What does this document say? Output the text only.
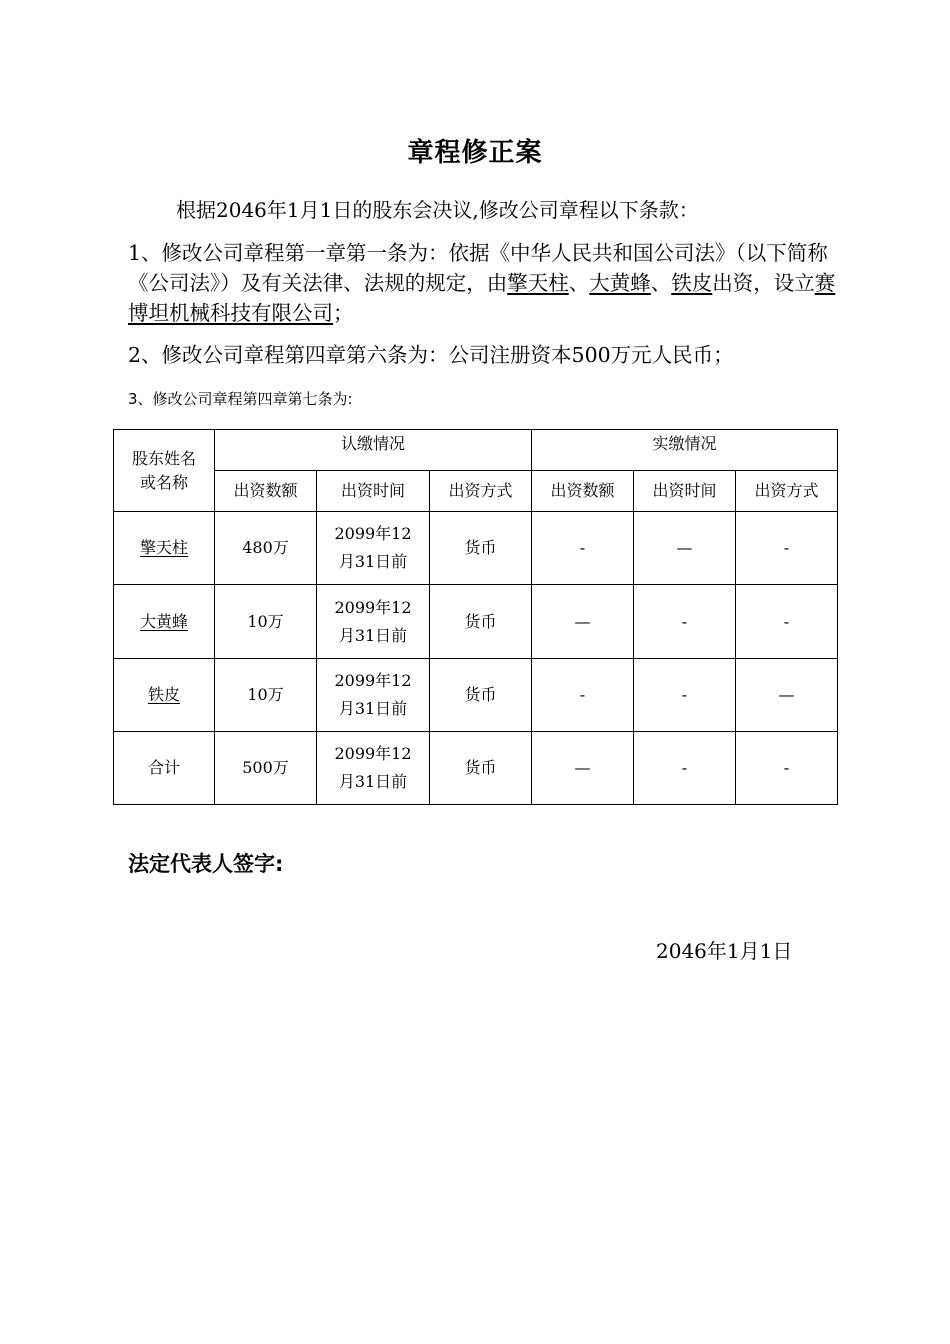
章程修正案
根据2046年1月1日的股东会决议,修改公司章程以下条款：
1、修改公司章程第一章第一条为：依据《中华人民共和国公司法》（以下简称《公司法》）及有关法律、法规的规定，由擎天柱、大黄蜂、铁皮出资，设立赛博坦机械科技有限公司；
2、修改公司章程第四章第六条为：公司注册资本500万元人民币；
3、修改公司章程第四章第七条为:
股东姓名或名称	认缴情况			实缴情况		
	出资数额	出资时间	出资方式	出资数额	出资时间	出资方式
擎天柱	480万	2099年12月31日前	货币	-	—	-
大黄蜂	10万	2099年12月31日前	货币	—	-	-
铁皮	10万	2099年12月31日前	货币	-	-	—
合计	500万	2099年12月31日前	货币	—	-	-
法定代表人签字:
2046年1月1日
